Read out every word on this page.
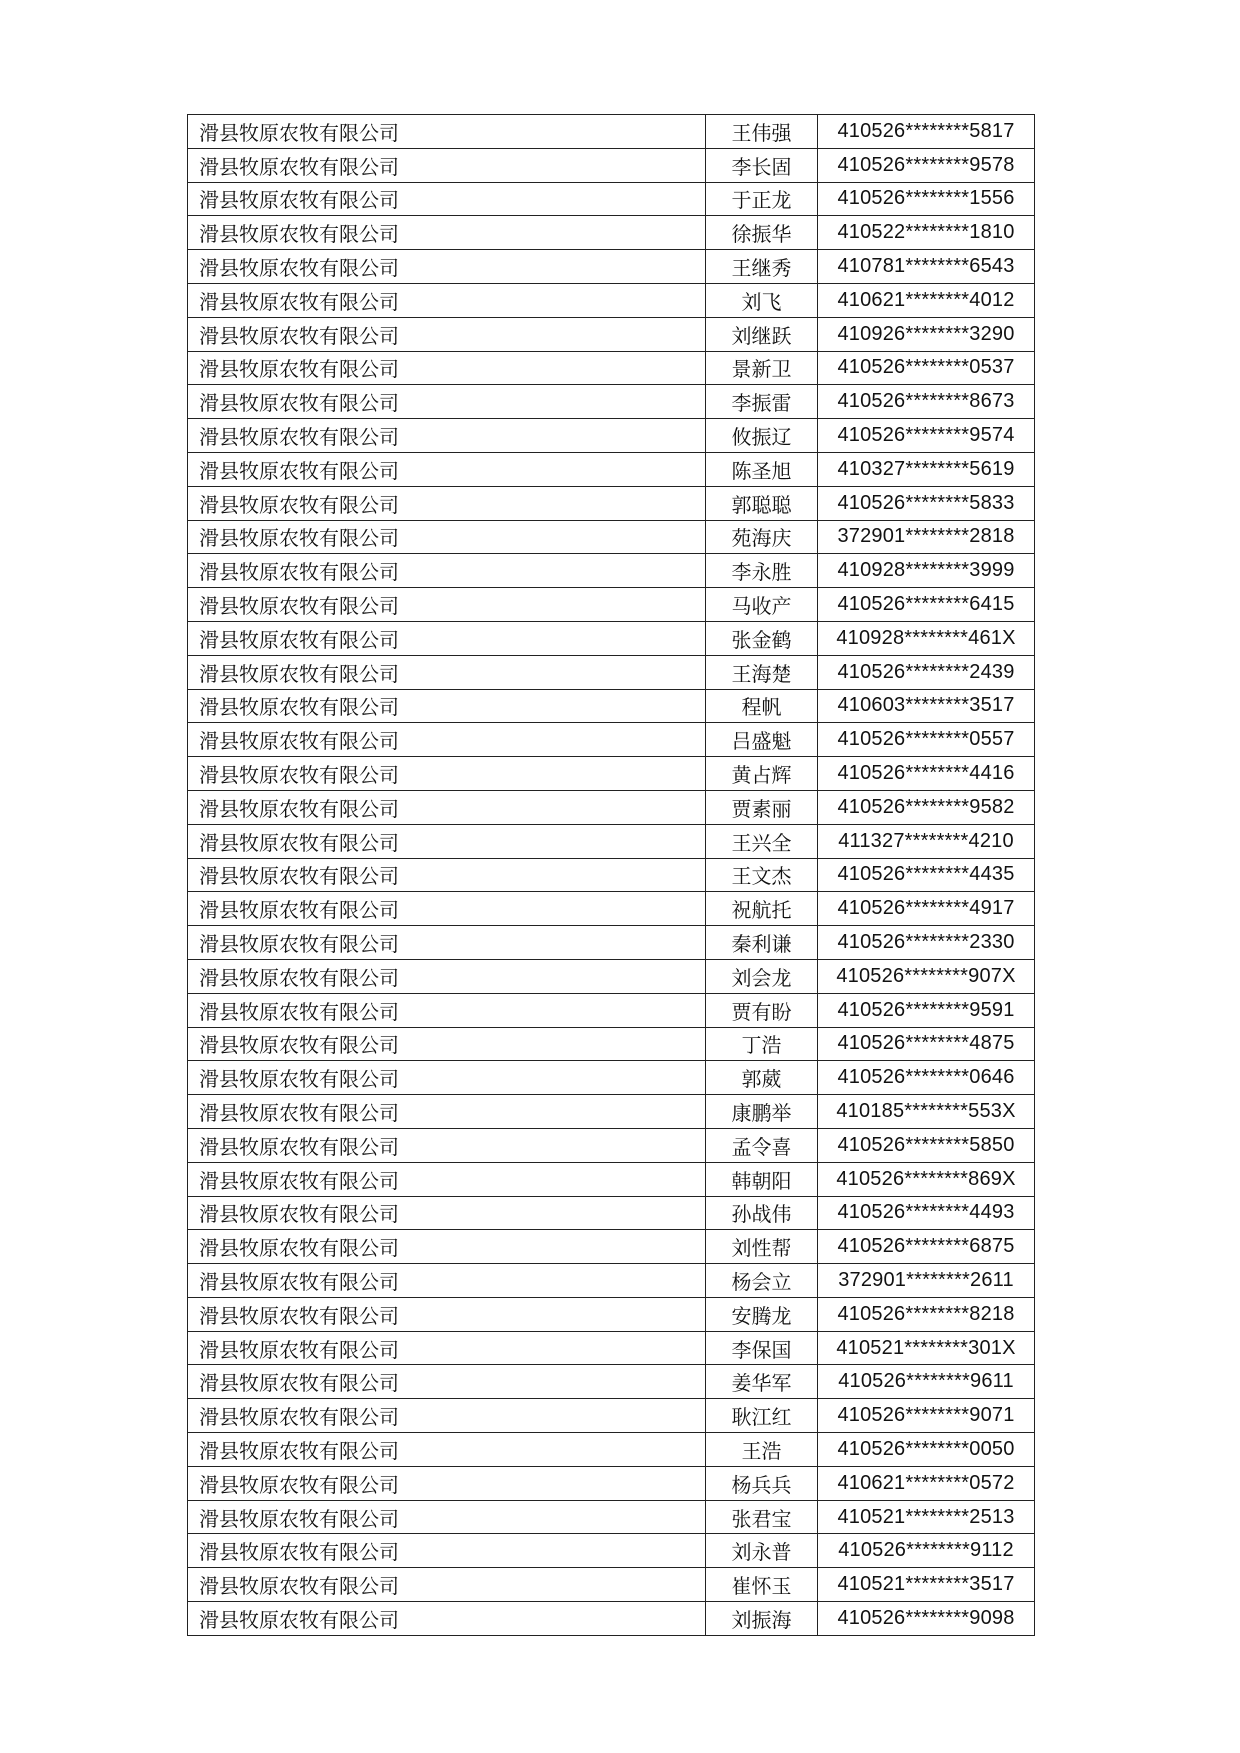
滑县牧原农牧有限公司	王伟强	410526********5817
滑县牧原农牧有限公司	李长固	410526********9578
滑县牧原农牧有限公司	于正龙	410526********1556
滑县牧原农牧有限公司	徐振华	410522********1810
滑县牧原农牧有限公司	王继秀	410781********6543
滑县牧原农牧有限公司	刘飞	410621********4012
滑县牧原农牧有限公司	刘继跃	410926********3290
滑县牧原农牧有限公司	景新卫	410526********0537
滑县牧原农牧有限公司	李振雷	410526********8673
滑县牧原农牧有限公司	攸振辽	410526********9574
滑县牧原农牧有限公司	陈圣旭	410327********5619
滑县牧原农牧有限公司	郭聪聪	410526********5833
滑县牧原农牧有限公司	苑海庆	372901********2818
滑县牧原农牧有限公司	李永胜	410928********3999
滑县牧原农牧有限公司	马收产	410526********6415
滑县牧原农牧有限公司	张金鹤	410928********461X
滑县牧原农牧有限公司	王海楚	410526********2439
滑县牧原农牧有限公司	程帆	410603********3517
滑县牧原农牧有限公司	吕盛魁	410526********0557
滑县牧原农牧有限公司	黄占辉	410526********4416
滑县牧原农牧有限公司	贾素丽	410526********9582
滑县牧原农牧有限公司	王兴全	411327********4210
滑县牧原农牧有限公司	王文杰	410526********4435
滑县牧原农牧有限公司	祝航托	410526********4917
滑县牧原农牧有限公司	秦利谦	410526********2330
滑县牧原农牧有限公司	刘会龙	410526********907X
滑县牧原农牧有限公司	贾有盼	410526********9591
滑县牧原农牧有限公司	丁浩	410526********4875
滑县牧原农牧有限公司	郭葳	410526********0646
滑县牧原农牧有限公司	康鹏举	410185********553X
滑县牧原农牧有限公司	孟令喜	410526********5850
滑县牧原农牧有限公司	韩朝阳	410526********869X
滑县牧原农牧有限公司	孙战伟	410526********4493
滑县牧原农牧有限公司	刘性帮	410526********6875
滑县牧原农牧有限公司	杨会立	372901********2611
滑县牧原农牧有限公司	安腾龙	410526********8218
滑县牧原农牧有限公司	李保国	410521********301X
滑县牧原农牧有限公司	姜华军	410526********9611
滑县牧原农牧有限公司	耿江红	410526********9071
滑县牧原农牧有限公司	王浩	410526********0050
滑县牧原农牧有限公司	杨兵兵	410621********0572
滑县牧原农牧有限公司	张君宝	410521********2513
滑县牧原农牧有限公司	刘永普	410526********9112
滑县牧原农牧有限公司	崔怀玉	410521********3517
滑县牧原农牧有限公司	刘振海	410526********9098
